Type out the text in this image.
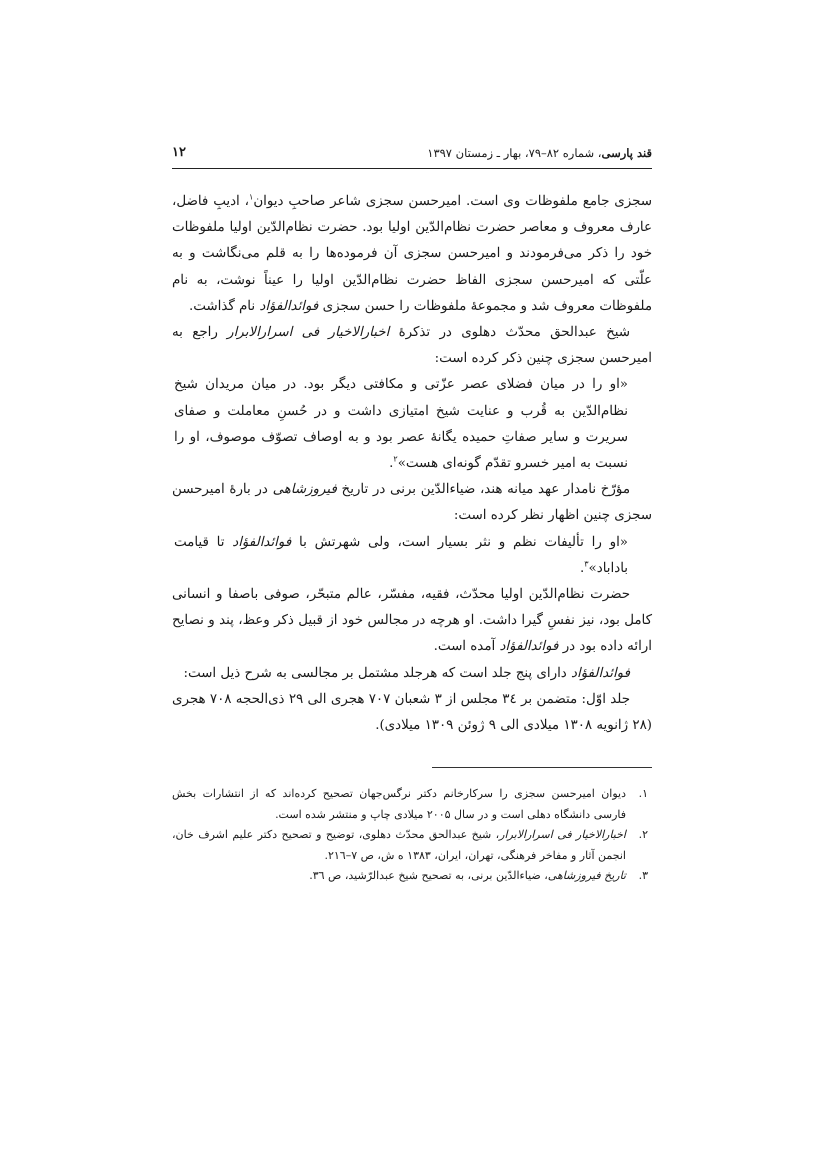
قند پارسی، شماره ۸۲–۷۹، بهار ـ زمستان ۱۳۹۷
۱۲

سجزی جامع ملفوظات وی است. امیرحسن سجزی شاعر صاحبِ دیوان$^۱$، ادیبِ فاضل، عارف معروف و معاصر حضرت نظام‌الدّین اولیا بود. حضرت نظام‌الدّین اولیا ملفوظات خود را ذکر می‌فرمودند و امیرحسن سجزی آن فرموده‌ها را به قلم می‌نگاشت و به علّتی که امیرحسن سجزی الفاظ حضرت نظام‌الدّین اولیا را عیناً نوشت، به نام ملفوظات معروف شد و مجموعۀ ملفوظات را حسن سجزی فوائدالفؤاد نام گذاشت.

شیخ عبدالحق محدّث دهلوی در تذکرۀ اخبارالاخیار فی اسرارالابرار راجع به امیرحسن سجزی چنین ذکر کرده است:

«او را در میان فضلای عصر عزّتی و مکافتی دیگر بود. در میان مریدان شیخ نظام‌الدّین به قُرب و عنایت شیخ امتیازی داشت و در حُسنِ معاملت و صفای سریرت و سایر صفاتِ حمیده یگانۀ عصر بود و به اوصاف تصوّف موصوف، او را نسبت به امیر خسرو تقدّم گونه‌ای هست»$^۲$.

مؤرّخ نامدار عهد میانه هند، ضیاءالدّین برنی در تاریخ فیروزشاهی در بارۀ امیرحسن سجزی چنین اظهار نظر کرده است:

«او را تألیفات نظم و نثر بسیار است، ولی شهرتش با فوائدالفؤاد تا قیامت بادا‌باد»$^۳$.

حضرت نظام‌الدّین اولیا محدّث، فقیه، مفسّر، عالم متبحّر، صوفی باصفا و انسانی کامل بود، نیز نفسِ گیرا داشت. او هرچه در مجالس خود از قبیل ذکر وعظ، پند و نصایح ارائه داده بود در فوائدالفؤاد آمده است.

فوائدالفؤاد دارای پنج جلد است که هرجلد مشتمل بر مجالسی به شرح ذیل است:

جلد اوّل: متضمن بر ۳٤ مجلس از ۳ شعبان ۷۰۷ هجری الی ۲۹ ذی‌الحجه ۷۰۸ هجری (۲۸ ژانویه ۱۳۰۸ میلادی الی ۹ ژوئن ۱۳۰۹ میلادی).

۱.
دیوان امیرحسن سجزی را سرکارخانم دکتر نرگس‌جهان تصحیح کرده‌اند که از انتشارات بخش فارسی دانشگاه دهلی است و در سال ۲۰۰۵ میلادی چاپ و منتشر شده است.
۲.
اخبارالاخیار فی اسرارالابرار، شیخ عبدالحق محدّث دهلوی، توضیح و تصحیح دکتر علیم اشرف خان، انجمن آثار و مفاخر فرهنگی، تهران، ایران، ۱۳۸۳ ه ش، ص ۷–۲۱٦.
۳.
تاریخ فیروزشاهی، ضیاءالدّین برنی، به تصحیح شیخ عبدالرّشید، ص ۳٦.
